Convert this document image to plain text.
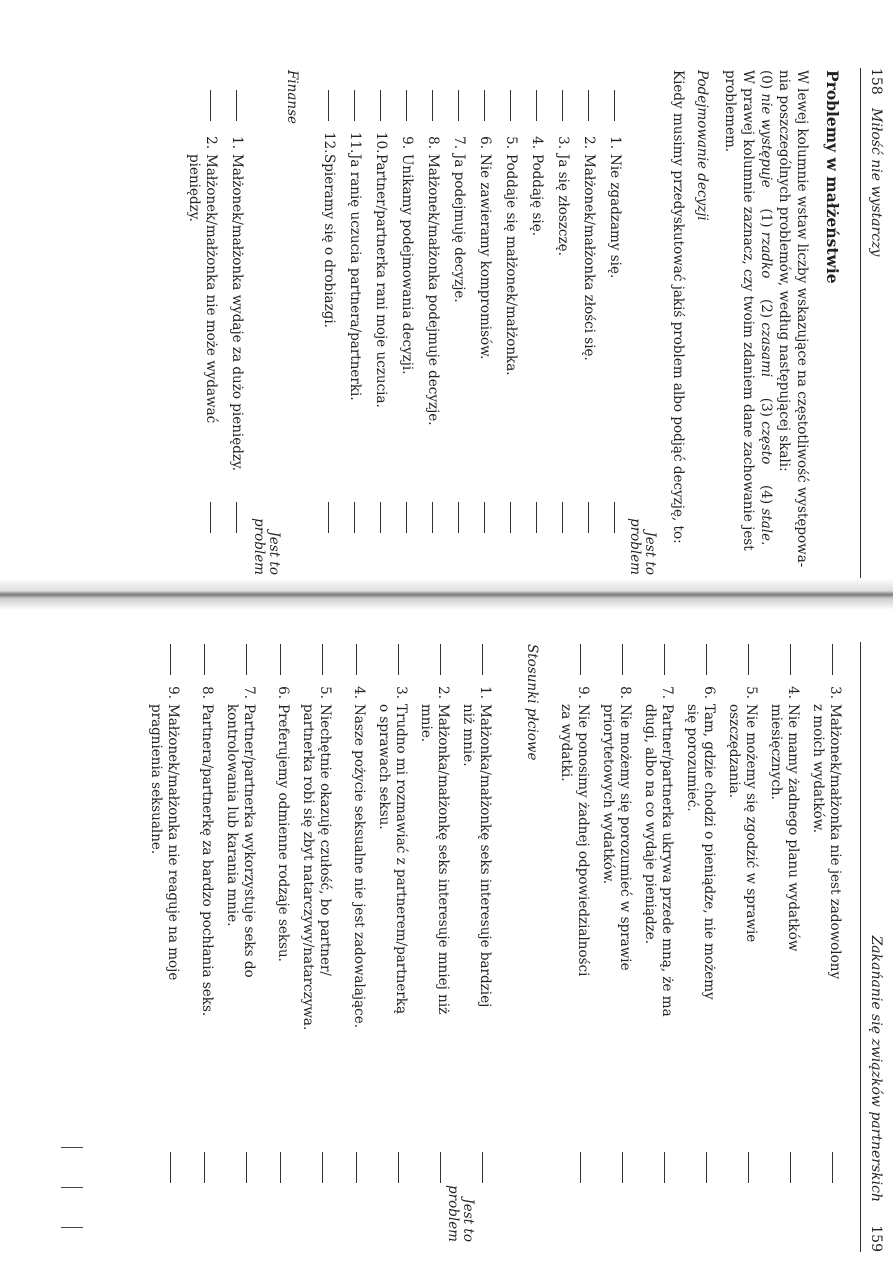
158
Miłość nie wystarczy
Problemy w małżeństwie
W lewej kolumnie wstaw liczby wskazujące na częstotliwość występowa-
nia poszczególnych problemów, według następującej skali:
(0) nie występuje  (1) rzadko  (2) czasami  (3) często  (4) stale.
W prawej kolumnie zaznacz, czy twoim zdaniem dane zachowanie jest
problemem.
Podejmowanie decyzji
Kiedy musimy przedyskutować jakiś problem albo podjąć decyzję, to:
Jest to
problem
1.
Nie zgadzamy się.
2.
Małżonek/małżonka złości się.
3.
Ja się złoszczę.
4.
Poddaję się.
5.
Poddaje się małżonek/małżonka.
6.
Nie zawieramy kompromisów.
7.
Ja podejmuję decyzje.
8.
Małżonek/małżonka podejmuje decyzje.
9.
Unikamy podejmowania decyzji.
10.
Partner/partnerka rani moje uczucia.
11.
Ja ranię uczucia partnera/partnerki.
12.
Spieramy się o drobiazgi.
Finanse
Jest to
problem
1.
Małżonek/małżonka wydaje za dużo pieniędzy.
2.
Małżonek/małżonka nie może wydawać
pieniędzy.
Zakańanie się związków partnerskich
159
3.
Małżonek/małżonka nie jest zadowolony
z moich wydatków.
4.
Nie mamy żadnego planu wydatków
miesięcznych.
5.
Nie możemy się zgodzić w sprawie
oszczędzania.
6.
Tam, gdzie chodzi o pieniądze, nie możemy
się porozumieć.
7.
Partner/partnerka ukrywa przede mną, że ma
długi, albo na co wydaje pieniądze.
8.
Nie możemy się porozumieć w sprawie
priorytetowych wydatków.
9.
Nie ponosimy żadnej odpowiedzialności
za wydatki.
Stosunki płciowe
Jest to
problem
1.
Małżonka/małżonkę seks interesuje bardziej
niż mnie.
2.
Małżonka/małżonkę seks interesuje mniej niż
mnie.
3.
Trudno mi rozmawiać z partnerem/partnerką
o sprawach seksu.
4.
Nasze pożycie seksualne nie jest zadowalające.
5.
Niechętnie okazuję czułość, bo partner/
partnerka robi się zbyt natarczywy/natarczywa.
6.
Preferujemy odmienne rodzaje seksu.
7.
Partner/partnerka wykorzystuje seks do
kontrolowania lub karania mnie.
8.
Partnera/partnerkę za bardzo pochłania seks.
9.
Małżonek/małżonka nie reaguje na moje
pragnienia seksualne.
